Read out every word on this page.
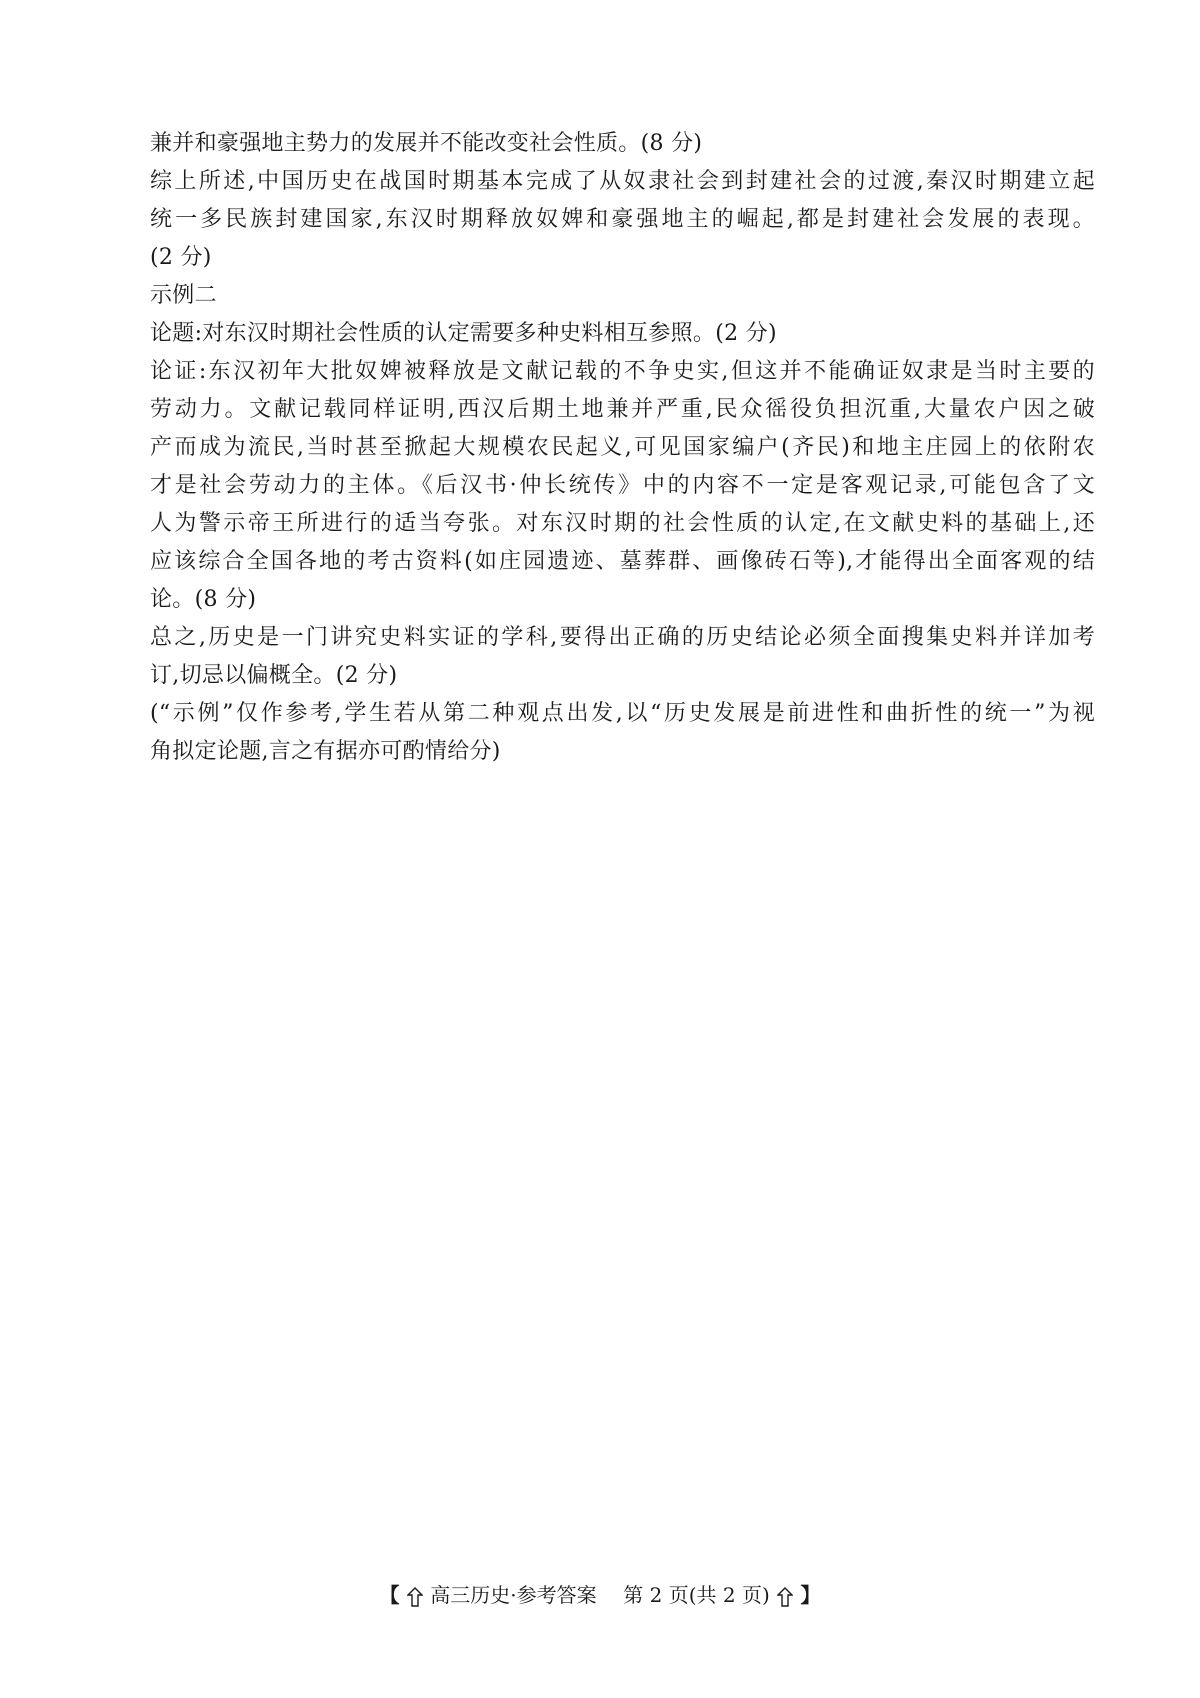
兼并和豪强地主势力的发展并不能改变社会性质。(8 分)
综上所述,中国历史在战国时期基本完成了从奴隶社会到封建社会的过渡,秦汉时期建立起
统一多民族封建国家,东汉时期释放奴婢和豪强地主的崛起,都是封建社会发展的表现。
(2 分)
示例二
论题:对东汉时期社会性质的认定需要多种史料相互参照。(2 分)
论证:东汉初年大批奴婢被释放是文献记载的不争史实,但这并不能确证奴隶是当时主要的
劳动力。文献记载同样证明,西汉后期土地兼并严重,民众徭役负担沉重,大量农户因之破
产而成为流民,当时甚至掀起大规模农民起义,可见国家编户(齐民)和地主庄园上的依附农
才是社会劳动力的主体。《后汉书·仲长统传》中的内容不一定是客观记录,可能包含了文
人为警示帝王所进行的适当夸张。对东汉时期的社会性质的认定,在文献史料的基础上,还
应该综合全国各地的考古资料(如庄园遗迹、墓葬群、画像砖石等),才能得出全面客观的结
论。(8 分)
总之,历史是一门讲究史料实证的学科,要得出正确的历史结论必须全面搜集史料并详加考
订,切忌以偏概全。(2 分)
(“示例”仅作参考,学生若从第二种观点出发,以“历史发展是前进性和曲折性的统一”为视
角拟定论题,言之有据亦可酌情给分)
【 高三历史·参考答案 第 2 页(共 2 页) 】
